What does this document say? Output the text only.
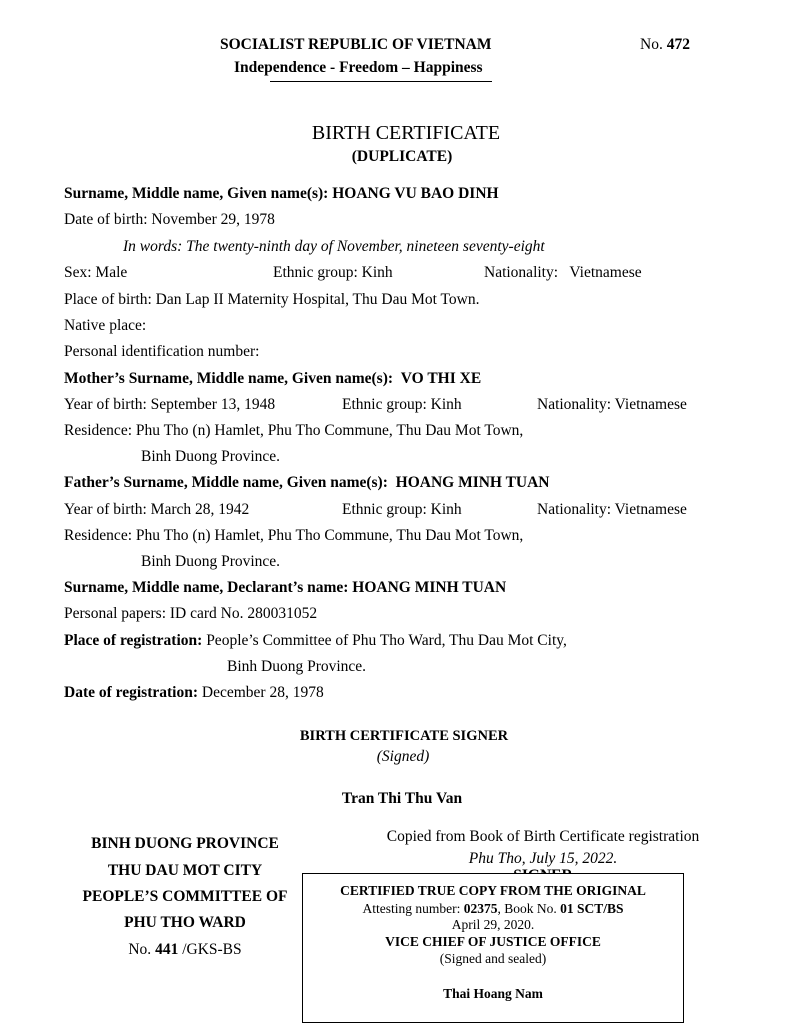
SOCIALIST REPUBLIC OF VIETNAM	No. 472
Independence - Freedom – Happiness
BIRTH CERTIFICATE
(DUPLICATE)
Surname, Middle name, Given name(s): HOANG VU BAO DINH
Date of birth: November 29, 1978
In words: The twenty-ninth day of November, nineteen seventy-eight
Sex: Male	Ethnic group: Kinh	Nationality:   Vietnamese
Place of birth: Dan Lap II Maternity Hospital, Thu Dau Mot Town.
Native place:
Personal identification number:
Mother’s Surname, Middle name, Given name(s): VO THI XE
Year of birth: September 13, 1948	Ethnic group: Kinh	Nationality: Vietnamese
Residence: Phu Tho (n) Hamlet, Phu Tho Commune, Thu Dau Mot Town,
Binh Duong Province.
Father’s Surname, Middle name, Given name(s): HOANG MINH TUAN
Year of birth: March 28, 1942	Ethnic group: Kinh	Nationality: Vietnamese
Residence: Phu Tho (n) Hamlet, Phu Tho Commune, Thu Dau Mot Town,
Binh Duong Province.
Surname, Middle name, Declarant’s name: HOANG MINH TUAN
Personal papers: ID card No. 280031052
Place of registration: People’s Committee of Phu Tho Ward, Thu Dau Mot City,
Binh Duong Province.
Date of registration: December 28, 1978
BIRTH CERTIFICATE SIGNER
(Signed)
Tran Thi Thu Van
BINH DUONG PROVINCE
THU DAU MOT CITY
PEOPLE’S COMMITTEE OF
PHU THO WARD
No. 441 /GKS-BS
Copied from Book of Birth Certificate registration
Phu Tho, July 15, 2022.
CERTIFIED TRUE COPY FROM THE ORIGINAL
Attesting number: 02375, Book No. 01 SCT/BS
April 29, 2020.
VICE CHIEF OF JUSTICE OFFICE
(Signed and sealed)
Thai Hoang Nam
